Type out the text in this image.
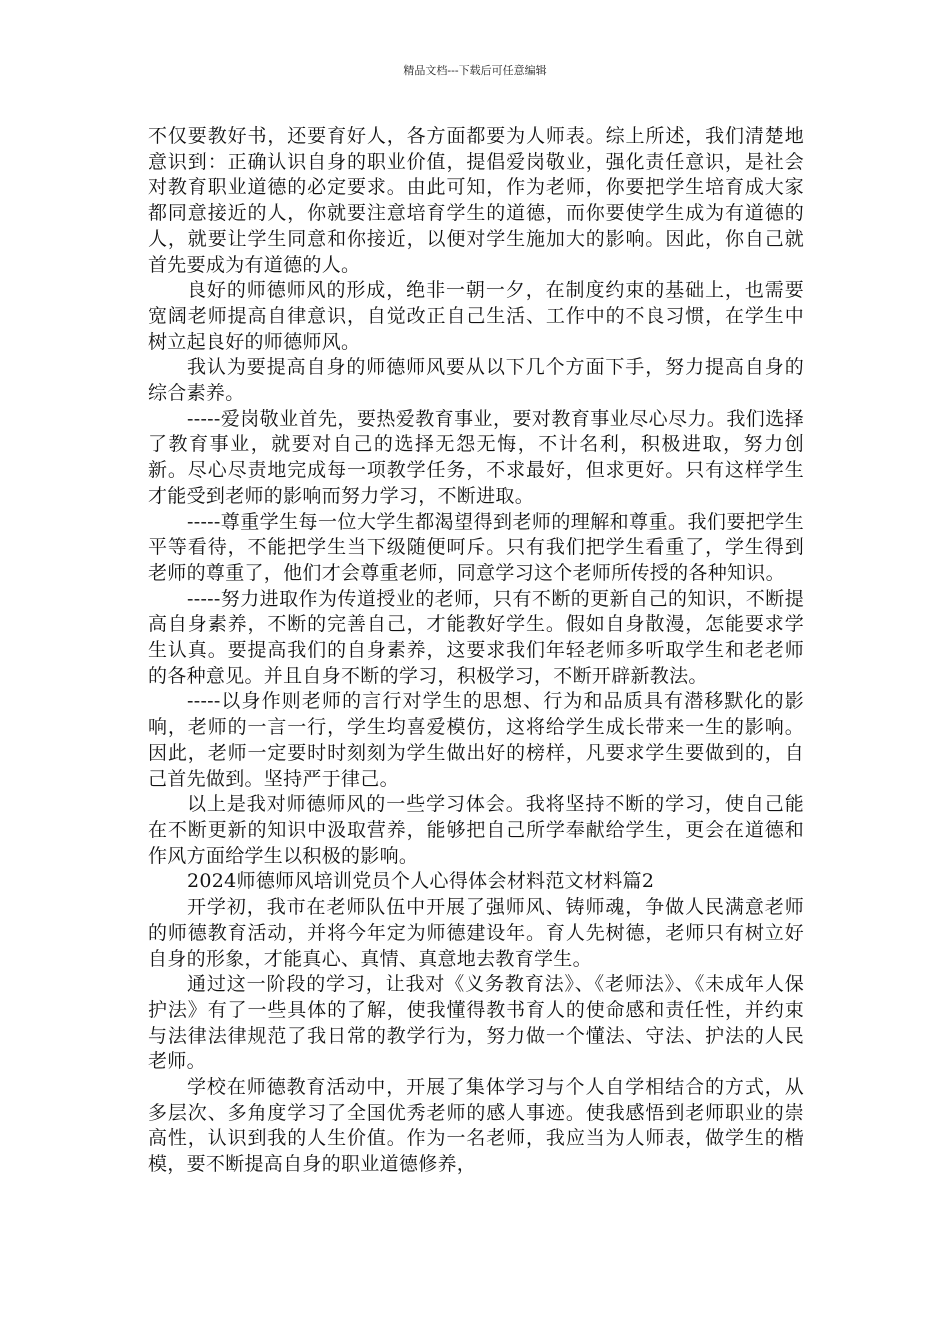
精品文档---下载后可任意编辑

不仅要教好书，还要育好人，各方面都要为人师表。综上所述，我们清楚地意识到：正确认识自身的职业价值，提倡爱岗敬业，强化责任意识，是社会对教育职业道德的必定要求。由此可知，作为老师，你要把学生培育成大家都同意接近的人，你就要注意培育学生的道德，而你要使学生成为有道德的人，就要让学生同意和你接近，以便对学生施加大的影响。因此，你自己就首先要成为有道德的人。

良好的师德师风的形成，绝非一朝一夕，在制度约束的基础上，也需要宽阔老师提高自律意识，自觉改正自己生活、工作中的不良习惯，在学生中树立起良好的师德师风。

我认为要提高自身的师德师风要从以下几个方面下手，努力提高自身的综合素养。

-----爱岗敬业首先，要热爱教育事业，要对教育事业尽心尽力。我们选择了教育事业，就要对自己的选择无怨无悔，不计名利，积极进取，努力创新。尽心尽责地完成每一项教学任务，不求最好，但求更好。只有这样学生才能受到老师的影响而努力学习，不断进取。

-----尊重学生每一位大学生都渴望得到老师的理解和尊重。我们要把学生平等看待，不能把学生当下级随便呵斥。只有我们把学生看重了，学生得到老师的尊重了，他们才会尊重老师，同意学习这个老师所传授的各种知识。

-----努力进取作为传道授业的老师，只有不断的更新自己的知识，不断提高自身素养，不断的完善自己，才能教好学生。假如自身散漫，怎能要求学生认真。要提高我们的自身素养，这要求我们年轻老师多听取学生和老老师的各种意见。并且自身不断的学习，积极学习，不断开辟新教法。

-----以身作则老师的言行对学生的思想、行为和品质具有潜移默化的影响，老师的一言一行，学生均喜爱模仿，这将给学生成长带来一生的影响。因此，老师一定要时时刻刻为学生做出好的榜样，凡要求学生要做到的，自己首先做到。坚持严于律己。

以上是我对师德师风的一些学习体会。我将坚持不断的学习，使自己能在不断更新的知识中汲取营养，能够把自己所学奉献给学生，更会在道德和作风方面给学生以积极的影响。

2024师德师风培训党员个人心得体会材料范文材料篇2

开学初，我市在老师队伍中开展了强师风、铸师魂，争做人民满意老师的师德教育活动，并将今年定为师德建设年。育人先树德，老师只有树立好自身的形象，才能真心、真情、真意地去教育学生。

通过这一阶段的学习，让我对《义务教育法》、《老师法》、《未成年人保护法》有了一些具体的了解，使我懂得教书育人的使命感和责任性，并约束与法律法律规范了我日常的教学行为，努力做一个懂法、守法、护法的人民老师。

学校在师德教育活动中，开展了集体学习与个人自学相结合的方式，从多层次、多角度学习了全国优秀老师的感人事迹。使我感悟到老师职业的崇高性，认识到我的人生价值。作为一名老师，我应当为人师表，做学生的楷模，要不断提高自身的职业道德修养，
